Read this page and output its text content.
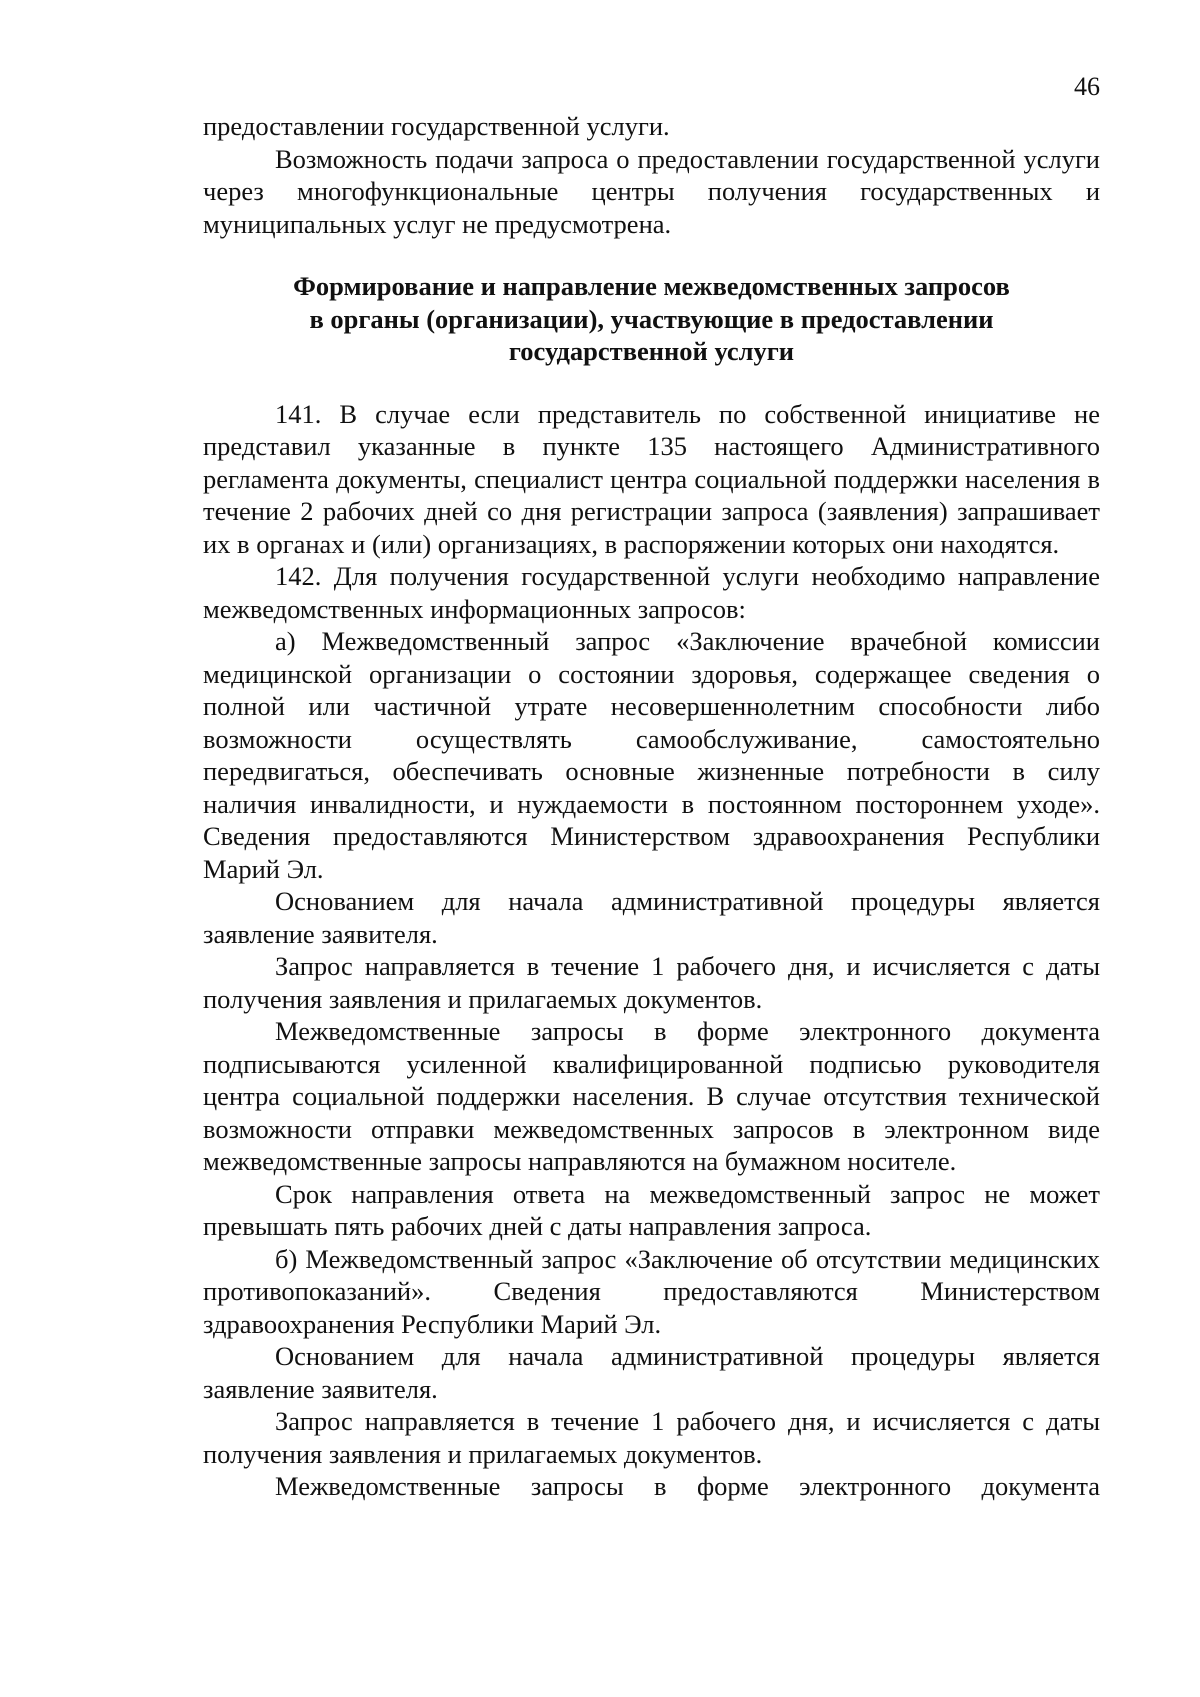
46

предоставлении государственной услуги.

Возможность подачи запроса о предоставлении государственной услуги через многофункциональные центры получения государственных и муниципальных услуг не предусмотрена.

Формирование и направление межведомственных запросов
в органы (организации), участвующие в предоставлении
государственной услуги

141. В случае если представитель по собственной инициативе не представил указанные в пункте 135 настоящего Административного регламента документы, специалист центра социальной поддержки населения в течение 2 рабочих дней со дня регистрации запроса (заявления) запрашивает их в органах и (или) организациях, в распоряжении которых они находятся.

142. Для получения государственной услуги необходимо направление межведомственных информационных запросов:

а) Межведомственный запрос «Заключение врачебной комиссии медицинской организации о состоянии здоровья, содержащее сведения о полной или частичной утрате несовершеннолетним способности либо возможности осуществлять самообслуживание, самостоятельно передвигаться, обеспечивать основные жизненные потребности в силу наличия инвалидности, и нуждаемости в постоянном постороннем уходе». Сведения предоставляются Министерством здравоохранения Республики Марий Эл.

Основанием для начала административной процедуры является заявление заявителя.

Запрос направляется в течение 1 рабочего дня, и исчисляется с даты получения заявления и прилагаемых документов.

Межведомственные запросы в форме электронного документа подписываются усиленной квалифицированной подписью руководителя центра социальной поддержки населения. В случае отсутствия технической возможности отправки межведомственных запросов в электронном виде межведомственные запросы направляются на бумажном носителе.

Срок направления ответа на межведомственный запрос не может превышать пять рабочих дней с даты направления запроса.

б) Межведомственный запрос «Заключение об отсутствии медицинских противопоказаний». Сведения предоставляются Министерством здравоохранения Республики Марий Эл.

Основанием для начала административной процедуры является заявление заявителя.

Запрос направляется в течение 1 рабочего дня, и исчисляется с даты получения заявления и прилагаемых документов.

Межведомственные запросы в форме электронного документа
